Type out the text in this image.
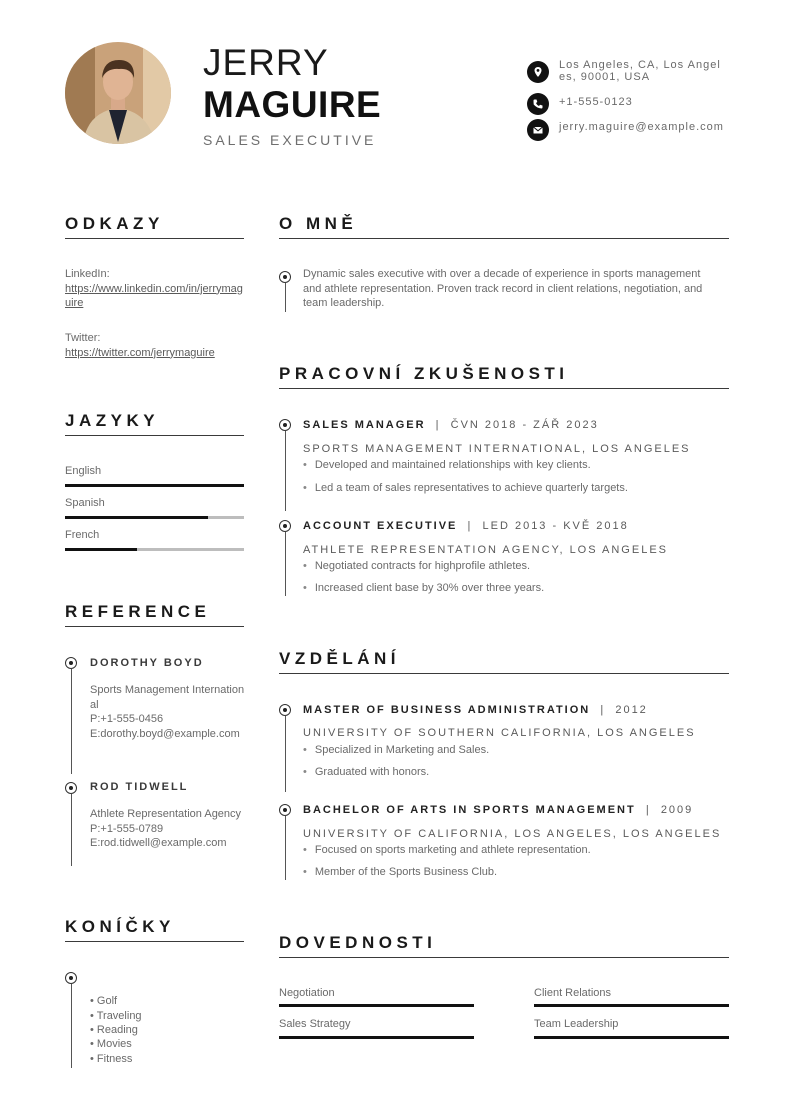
JERRY
MAGUIRE
SALES EXECUTIVE
Los Angeles, CA, Los Angeles, 90001, USA
+1-555-0123
jerry.maguire@example.com
ODKAZY
LinkedIn:
https://www.linkedin.com/in/jerrymaguire
Twitter:
https://twitter.com/jerrymaguire
JAZYKY
English
Spanish
French
REFERENCE
DOROTHY BOYD
Sports Management International
P:+1-555-0456
E:dorothy.boyd@example.com
ROD TIDWELL
Athlete Representation Agency
P:+1-555-0789
E:rod.tidwell@example.com
KONÍČKY
• Golf
• Traveling
• Reading
• Movies
• Fitness
O MNĚ
Dynamic sales executive with over a decade of experience in sports management and athlete representation. Proven track record in client relations, negotiation, and team leadership.
PRACOVNÍ ZKUŠENOSTI
SALES MANAGER  |  ČVN 2018 - ZÁŘ 2023
SPORTS MANAGEMENT INTERNATIONAL, LOS ANGELES
• Developed and maintained relationships with key clients.
• Led a team of sales representatives to achieve quarterly targets.
ACCOUNT EXECUTIVE  |  LED 2013 - KVĚ 2018
ATHLETE REPRESENTATION AGENCY, LOS ANGELES
• Negotiated contracts for highprofile athletes.
• Increased client base by 30% over three years.
VZDĚLÁNÍ
MASTER OF BUSINESS ADMINISTRATION  |  2012
UNIVERSITY OF SOUTHERN CALIFORNIA, LOS ANGELES
• Specialized in Marketing and Sales.
• Graduated with honors.
BACHELOR OF ARTS IN SPORTS MANAGEMENT  |  2009
UNIVERSITY OF CALIFORNIA, LOS ANGELES, LOS ANGELES
• Focused on sports marketing and athlete representation.
• Member of the Sports Business Club.
DOVEDNOSTI
Negotiation	Client Relations
Sales Strategy	Team Leadership
